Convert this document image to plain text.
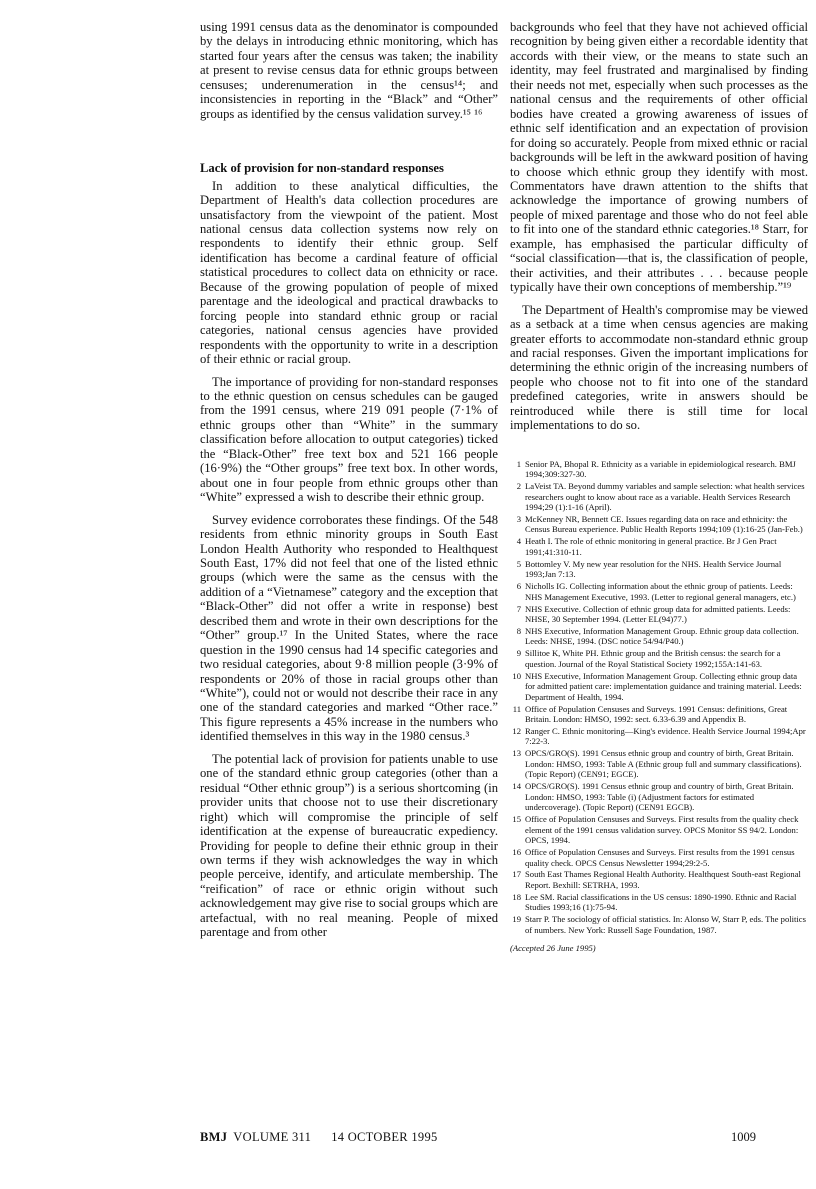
using 1991 census data as the denominator is compounded by the delays in introducing ethnic monitoring, which has started four years after the census was taken; the inability at present to revise census data for ethnic groups between censuses; underenumeration in the census¹⁴; and inconsistencies in reporting in the “Black” and “Other” groups as identified by the census validation survey.¹⁵ ¹⁶

Lack of provision for non-standard responses

In addition to these analytical difficulties, the Department of Health's data collection procedures are unsatisfactory from the viewpoint of the patient. Most national census data collection systems now rely on respondents to identify their ethnic group. Self identification has become a cardinal feature of official statistical procedures to collect data on ethnicity or race. Because of the growing population of people of mixed parentage and the ideological and practical drawbacks to forcing people into standard ethnic group or racial categories, national census agencies have provided respondents with the opportunity to write in a description of their ethnic or racial group.

The importance of providing for non-standard responses to the ethnic question on census schedules can be gauged from the 1991 census, where 219 091 people (7·1% of ethnic groups other than “White” in the summary classification before allocation to output categories) ticked the “Black-Other” free text box and 521 166 people (16·9%) the “Other groups” free text box. In other words, about one in four people from ethnic groups other than “White” expressed a wish to describe their ethnic group.

Survey evidence corroborates these findings. Of the 548 residents from ethnic minority groups in South East London Health Authority who responded to Healthquest South East, 17% did not feel that one of the listed ethnic groups (which were the same as the census with the addition of a “Vietnamese” category and the exception that “Black-Other” did not offer a write in response) best described them and wrote in their own descriptions for the “Other” group.¹⁷ In the United States, where the race question in the 1990 census had 14 specific categories and two residual categories, about 9·8 million people (3·9% of respondents or 20% of those in racial groups other than “White”), could not or would not describe their race in any one of the standard categories and marked “Other race.” This figure represents a 45% increase in the numbers who identified themselves in this way in the 1980 census.³

The potential lack of provision for patients unable to use one of the standard ethnic group categories (other than a residual “Other ethnic group”) is a serious shortcoming (in provider units that choose not to use their discretionary right) which will compromise the principle of self identification at the expense of bureaucratic expediency. Providing for people to define their ethnic group in their own terms if they wish acknowledges the way in which people perceive, identify, and articulate membership. The “reification” of race or ethnic origin without such acknowledgement may give rise to social groups which are artefactual, with no real meaning. People of mixed parentage and from other

backgrounds who feel that they have not achieved official recognition by being given either a recordable identity that accords with their view, or the means to state such an identity, may feel frustrated and marginalised by finding their needs not met, especially when such processes as the national census and the requirements of other official bodies have created a growing awareness of issues of ethnic self identification and an expectation of provision for doing so accurately. People from mixed ethnic or racial backgrounds will be left in the awkward position of having to choose which ethnic group they identify with most. Commentators have drawn attention to the shifts that acknowledge the importance of growing numbers of people of mixed parentage and those who do not feel able to fit into one of the standard ethnic categories.¹⁸ Starr, for example, has emphasised the particular difficulty of “social classification—that is, the classification of people, their activities, and their attributes . . . because people typically have their own conceptions of membership.”¹⁹

The Department of Health's compromise may be viewed as a setback at a time when census agencies are making greater efforts to accommodate non-standard ethnic group and racial responses. Given the important implications for determining the ethnic origin of the increasing numbers of people who choose not to fit into one of the standard predefined categories, write in answers should be reintroduced while there is still time for local implementations to do so.

1 Senior PA, Bhopal R. Ethnicity as a variable in epidemiological research. BMJ 1994;309:327-30.
2 LaVeist TA. Beyond dummy variables and sample selection: what health services researchers ought to know about race as a variable. Health Services Research 1994;29 (1):1-16 (April).
3 McKenney NR, Bennett CE. Issues regarding data on race and ethnicity: the Census Bureau experience. Public Health Reports 1994;109 (1):16-25 (Jan-Feb.)
4 Heath I. The role of ethnic monitoring in general practice. Br J Gen Pract 1991;41:310-11.
5 Bottomley V. My new year resolution for the NHS. Health Service Journal 1993;Jan 7:13.
6 Nicholls IG. Collecting information about the ethnic group of patients. Leeds: NHS Management Executive, 1993. (Letter to regional general managers, etc.)
7 NHS Executive. Collection of ethnic group data for admitted patients. Leeds: NHSE, 30 September 1994. (Letter EL(94)77.)
8 NHS Executive, Information Management Group. Ethnic group data collection. Leeds: NHSE, 1994. (DSC notice 54/94/P40.)
9 Sillitoe K, White PH. Ethnic group and the British census: the search for a question. Journal of the Royal Statistical Society 1992;155A:141-63.
10 NHS Executive, Information Management Group. Collecting ethnic group data for admitted patient care: implementation guidance and training material. Leeds: Department of Health, 1994.
11 Office of Population Censuses and Surveys. 1991 Census: definitions, Great Britain. London: HMSO, 1992: sect. 6.33-6.39 and Appendix B.
12 Ranger C. Ethnic monitoring—King's evidence. Health Service Journal 1994;Apr 7:22-3.
13 OPCS/GRO(S). 1991 Census ethnic group and country of birth, Great Britain. London: HMSO, 1993: Table A (Ethnic group full and summary classifications). (Topic Report) (CEN91; EGCE).
14 OPCS/GRO(S). 1991 Census ethnic group and country of birth, Great Britain. London: HMSO, 1993: Table (i) (Adjustment factors for estimated undercoverage). (Topic Report) (CEN91 EGCB).
15 Office of Population Censuses and Surveys. First results from the quality check element of the 1991 census validation survey. OPCS Monitor SS 94/2. London: OPCS, 1994.
16 Office of Population Censuses and Surveys. First results from the 1991 census quality check. OPCS Census Newsletter 1994;29:2-5.
17 South East Thames Regional Health Authority. Healthquest South-east Regional Report. Bexhill: SETRHA, 1993.
18 Lee SM. Racial classifications in the US census: 1890-1990. Ethnic and Racial Studies 1993;16 (1):75-94.
19 Starr P. The sociology of official statistics. In: Alonso W, Starr P, eds. The politics of numbers. New York: Russell Sage Foundation, 1987.
(Accepted 26 June 1995)
BMJ VOLUME 311 14 OCTOBER 1995	1009
